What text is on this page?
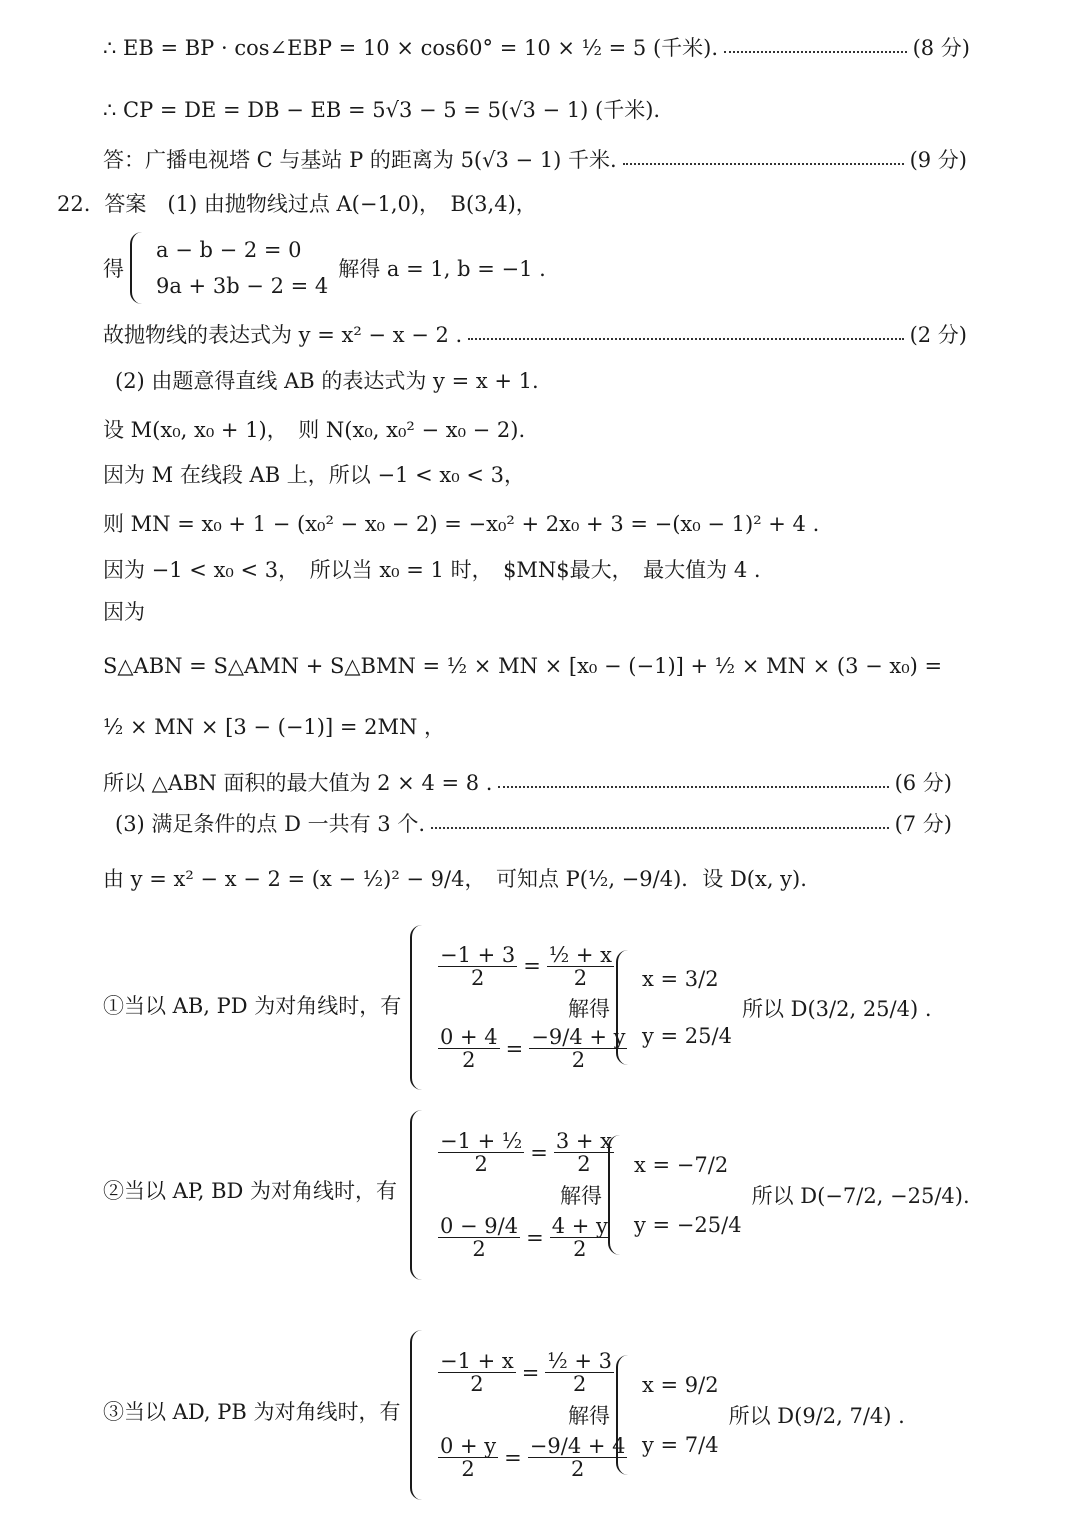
∴ EB = BP · cos∠EBP = 10 × cos60° = 10 × ½ = 5 (千米).	(8 分)
∴ CP = DE = DB − EB = 5√3 − 5 = 5(√3 − 1) (千米).
答：广播电视塔 C 与基站 P 的距离为 5(√3 − 1) 千米.	(9 分)
22. 答案　(1) 由抛物线过点 A(−1,0)，　B(3,4)，
得
a − b − 2 = 0
9a + 3b − 2 = 4
解得 a = 1, b = −1 .
故抛物线的表达式为 y = x² − x − 2 .	(2 分)
(2) 由题意得直线 AB 的表达式为 y = x + 1.
设 M(x₀, x₀ + 1)，　则 N(x₀, x₀² − x₀ − 2).
因为 M 在线段 AB 上，所以 −1 < x₀ < 3，
则 MN = x₀ + 1 − (x₀² − x₀ − 2) = −x₀² + 2x₀ + 3 = −(x₀ − 1)² + 4 .
因为 −1 < x₀ < 3，　所以当 x₀ = 1 时，　$MN$最大，　最大值为 4 .
因为
S△ABN = S△AMN + S△BMN = ½ × MN × [x₀ − (−1)] + ½ × MN × (3 − x₀) =
½ × MN × [3 − (−1)] = 2MN ，
所以 △ABN 面积的最大值为 2 × 4 = 8 .	(6 分)
(3) 满足条件的点 D 一共有 3 个.	(7 分)
由 y = x² − x − 2 = (x − ½)² − 9/4，　可知点 P(½, −9/4)．设 D(x, y).
①当以 AB, PD 为对角线时，有
$\frac{-1 + 3}{2} = \frac{\text{½ + x}}{2}$
$\frac{0 + 4}{2} = \frac{-9/4 + y}{2}$
解得
x = 3/2
y = 25/4
所以 D(3/2, 25/4) .
②当以 AP, BD 为对角线时，有
$\frac{\text{−1 + ½}}{2} = \frac{3 + x}{2}$
$\frac{0 - 9/4}{2} = \frac{4 + y}{2}$
解得
x = −7/2
y = −25/4
所以 D(−7/2, −25/4).
③当以 AD, PB 为对角线时，有
$\frac{-1 + x}{2} = \frac{\text{½ + 3}}{2}$
$\frac{0 + y}{2} = \frac{-9/4 + 4}{2}$
解得
x = 9/2
y = 7/4
所以 D(9/2, 7/4) .
